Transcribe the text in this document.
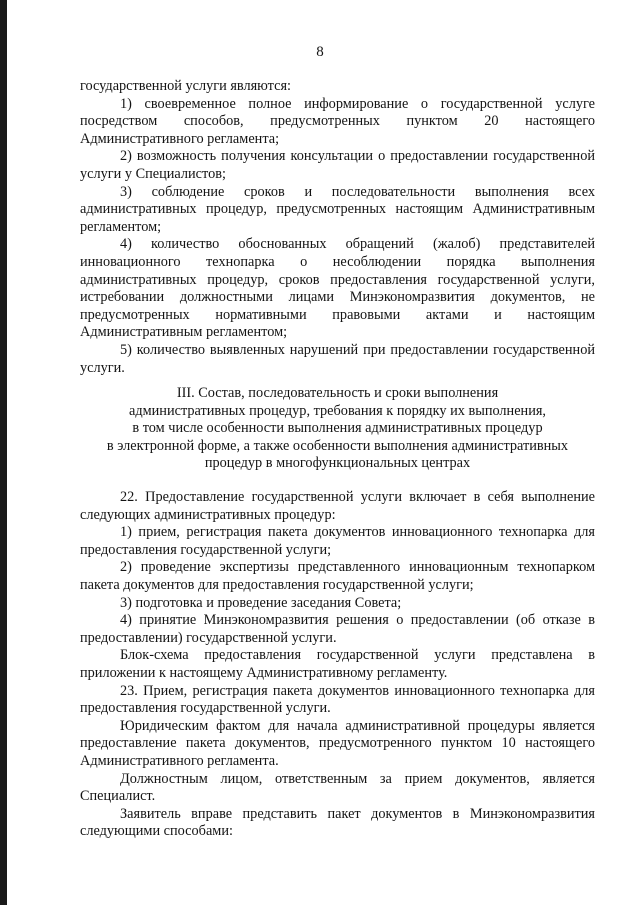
8

государственной услуги являются:

1) своевременное полное информирование о государственной услуге посредством способов, предусмотренных пунктом 20 настоящего Административного регламента;

2) возможность получения консультации о предоставлении государственной услуги у Специалистов;

3) соблюдение сроков и последовательности выполнения всех административных процедур, предусмотренных настоящим Административным регламентом;

4) количество обоснованных обращений (жалоб) представителей инновационного технопарка о несоблюдении порядка выполнения административных процедур, сроков предоставления государственной услуги, истребовании должностными лицами Минэкономразвития документов, не предусмотренных нормативными правовыми актами и настоящим Административным регламентом;

5) количество выявленных нарушений при предоставлении государственной услуги.

III. Состав, последовательность и сроки выполнения

административных процедур, требования к порядку их выполнения,

в том числе особенности выполнения административных процедур

в электронной форме, а также особенности выполнения административных

процедур в многофункциональных центрах

22. Предоставление государственной услуги включает в себя выполнение следующих административных процедур:

1) прием, регистрация пакета документов инновационного технопарка для предоставления государственной услуги;

2) проведение экспертизы представленного инновационным технопарком пакета документов для предоставления государственной услуги;

3) подготовка и проведение заседания Совета;

4) принятие Минэкономразвития решения о предоставлении (об отказе в предоставлении) государственной услуги.

Блок-схема предоставления государственной услуги представлена в приложении к настоящему Административному регламенту.

23. Прием, регистрация пакета документов инновационного технопарка для предоставления государственной услуги.

Юридическим фактом для начала административной процедуры является предоставление пакета документов, предусмотренного пунктом 10 настоящего Административного регламента.

Должностным лицом, ответственным за прием документов, является Специалист.

Заявитель вправе представить пакет документов в Минэкономразвития следующими способами:
